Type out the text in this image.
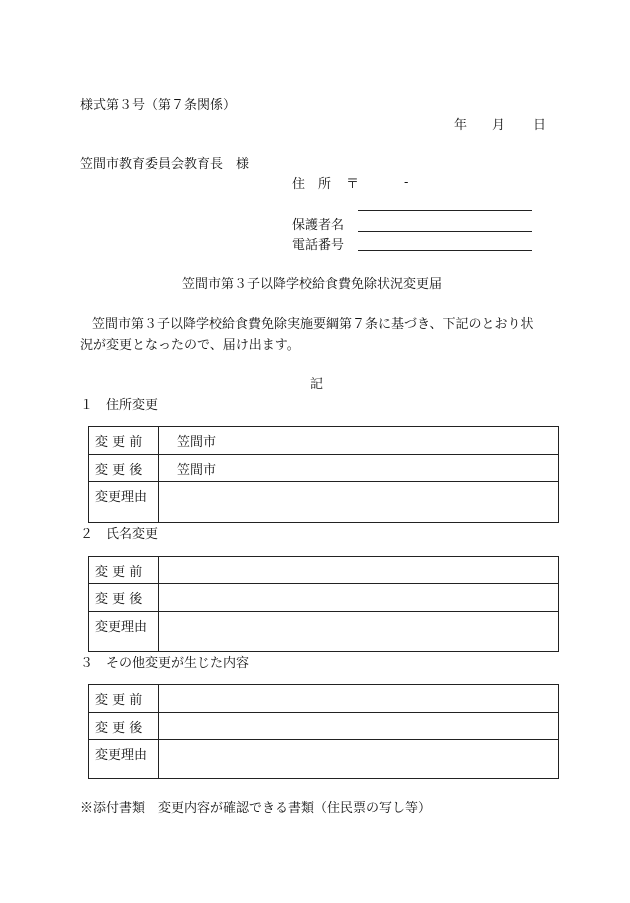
様式第３号（第７条関係）
年 月 日
笠間市教育委員会教育長　様
住　所 〒	-
保護者名
電話番号
笠間市第３子以降学校給食費免除状況変更届
笠間市第３子以降学校給食費免除実施要綱第７条に基づき、下記のとおり状
況が変更となったので、届け出ます。
記
１　住所変更
変 更 前	笠間市
変 更 後	笠間市
変更理由	
２　氏名変更
変 更 前	
変 更 後	
変更理由	
３　その他変更が生じた内容
変 更 前	
変 更 後	
変更理由	
※添付書類　変更内容が確認できる書類（住民票の写し等）
